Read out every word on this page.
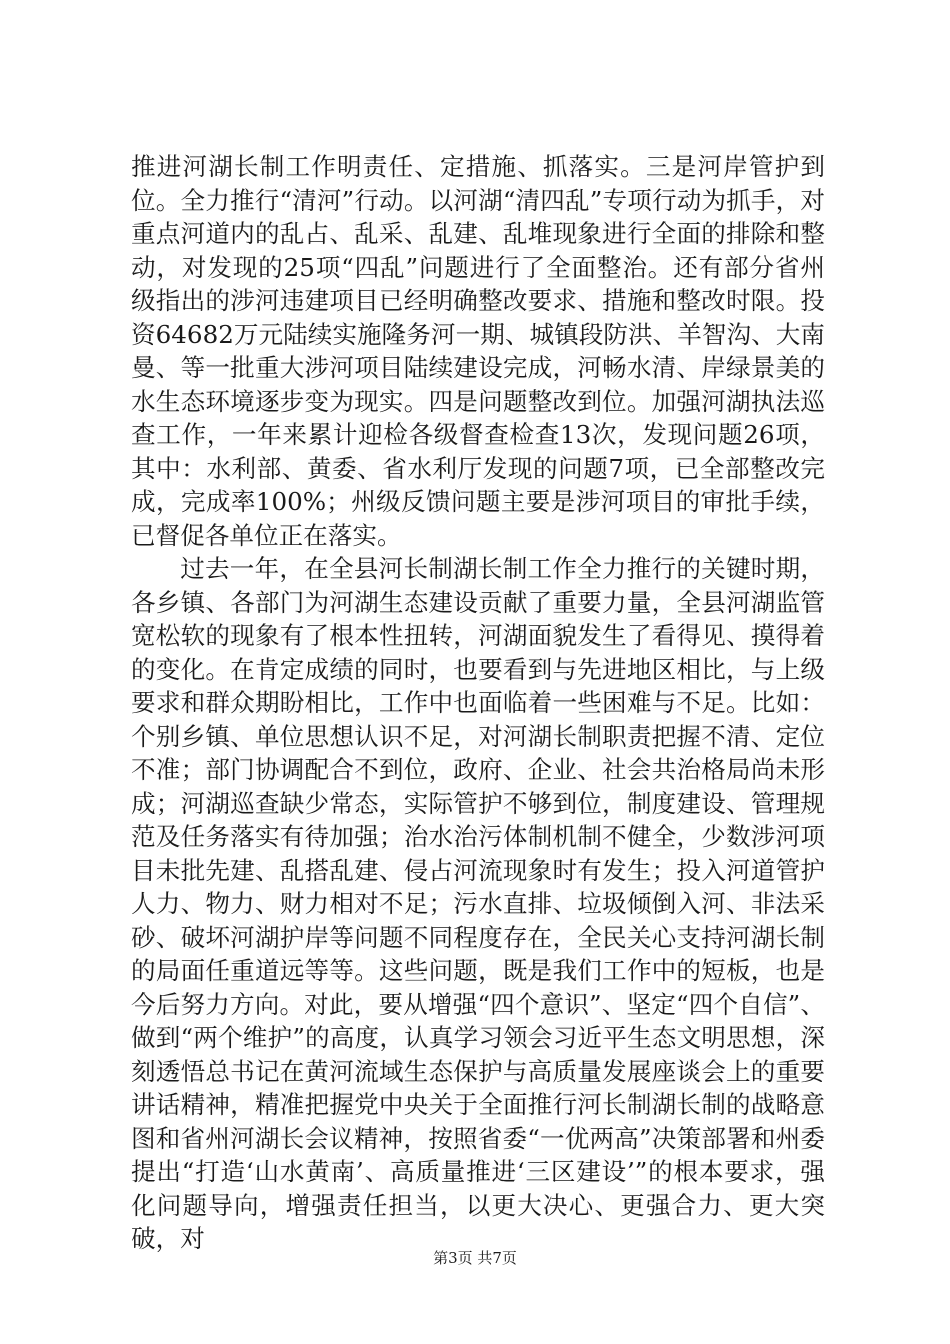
推进河湖长制工作明责任、定措施、抓落实。三是河岸管护到位。全力推行“清河”行动。以河湖“清四乱”专项行动为抓手，对重点河道内的乱占、乱采、乱建、乱堆现象进行全面的排除和整动，对发现的25项“四乱”问题进行了全面整治。还有部分省州级指出的涉河违建项目已经明确整改要求、措施和整改时限。投资64682万元陆续实施隆务河一期、城镇段防洪、羊智沟、大南曼、等一批重大涉河项目陆续建设完成，河畅水清、岸绿景美的水生态环境逐步变为现实。四是问题整改到位。加强河湖执法巡查工作，一年来累计迎检各级督查检查13次，发现问题26项，其中：水利部、黄委、省水利厅发现的问题7项，已全部整改完成，完成率100%；州级反馈问题主要是涉河项目的审批手续，已督促各单位正在落实。

过去一年，在全县河长制湖长制工作全力推行的关键时期，各乡镇、各部门为河湖生态建设贡献了重要力量，全县河湖监管宽松软的现象有了根本性扭转，河湖面貌发生了看得见、摸得着的变化。在肯定成绩的同时，也要看到与先进地区相比，与上级要求和群众期盼相比，工作中也面临着一些困难与不足。比如：个别乡镇、单位思想认识不足，对河湖长制职责把握不清、定位不准；部门协调配合不到位，政府、企业、社会共治格局尚未形成；河湖巡查缺少常态，实际管护不够到位，制度建设、管理规范及任务落实有待加强；治水治污体制机制不健全，少数涉河项目未批先建、乱搭乱建、侵占河流现象时有发生；投入河道管护人力、物力、财力相对不足；污水直排、垃圾倾倒入河、非法采砂、破坏河湖护岸等问题不同程度存在，全民关心支持河湖长制的局面任重道远等等。这些问题，既是我们工作中的短板，也是今后努力方向。对此，要从增强“四个意识”、坚定“四个自信”、做到“两个维护”的高度，认真学习领会习近平生态文明思想，深刻透悟总书记在黄河流域生态保护与高质量发展座谈会上的重要讲话精神，精准把握党中央关于全面推行河长制湖长制的战略意图和省州河湖长会议精神，按照省委“一优两高”决策部署和州委提出“打造‘山水黄南’、高质量推进‘三区建设’”的根本要求，强化问题导向，增强责任担当，以更大决心、更强合力、更大突破，对

第3页 共7页
